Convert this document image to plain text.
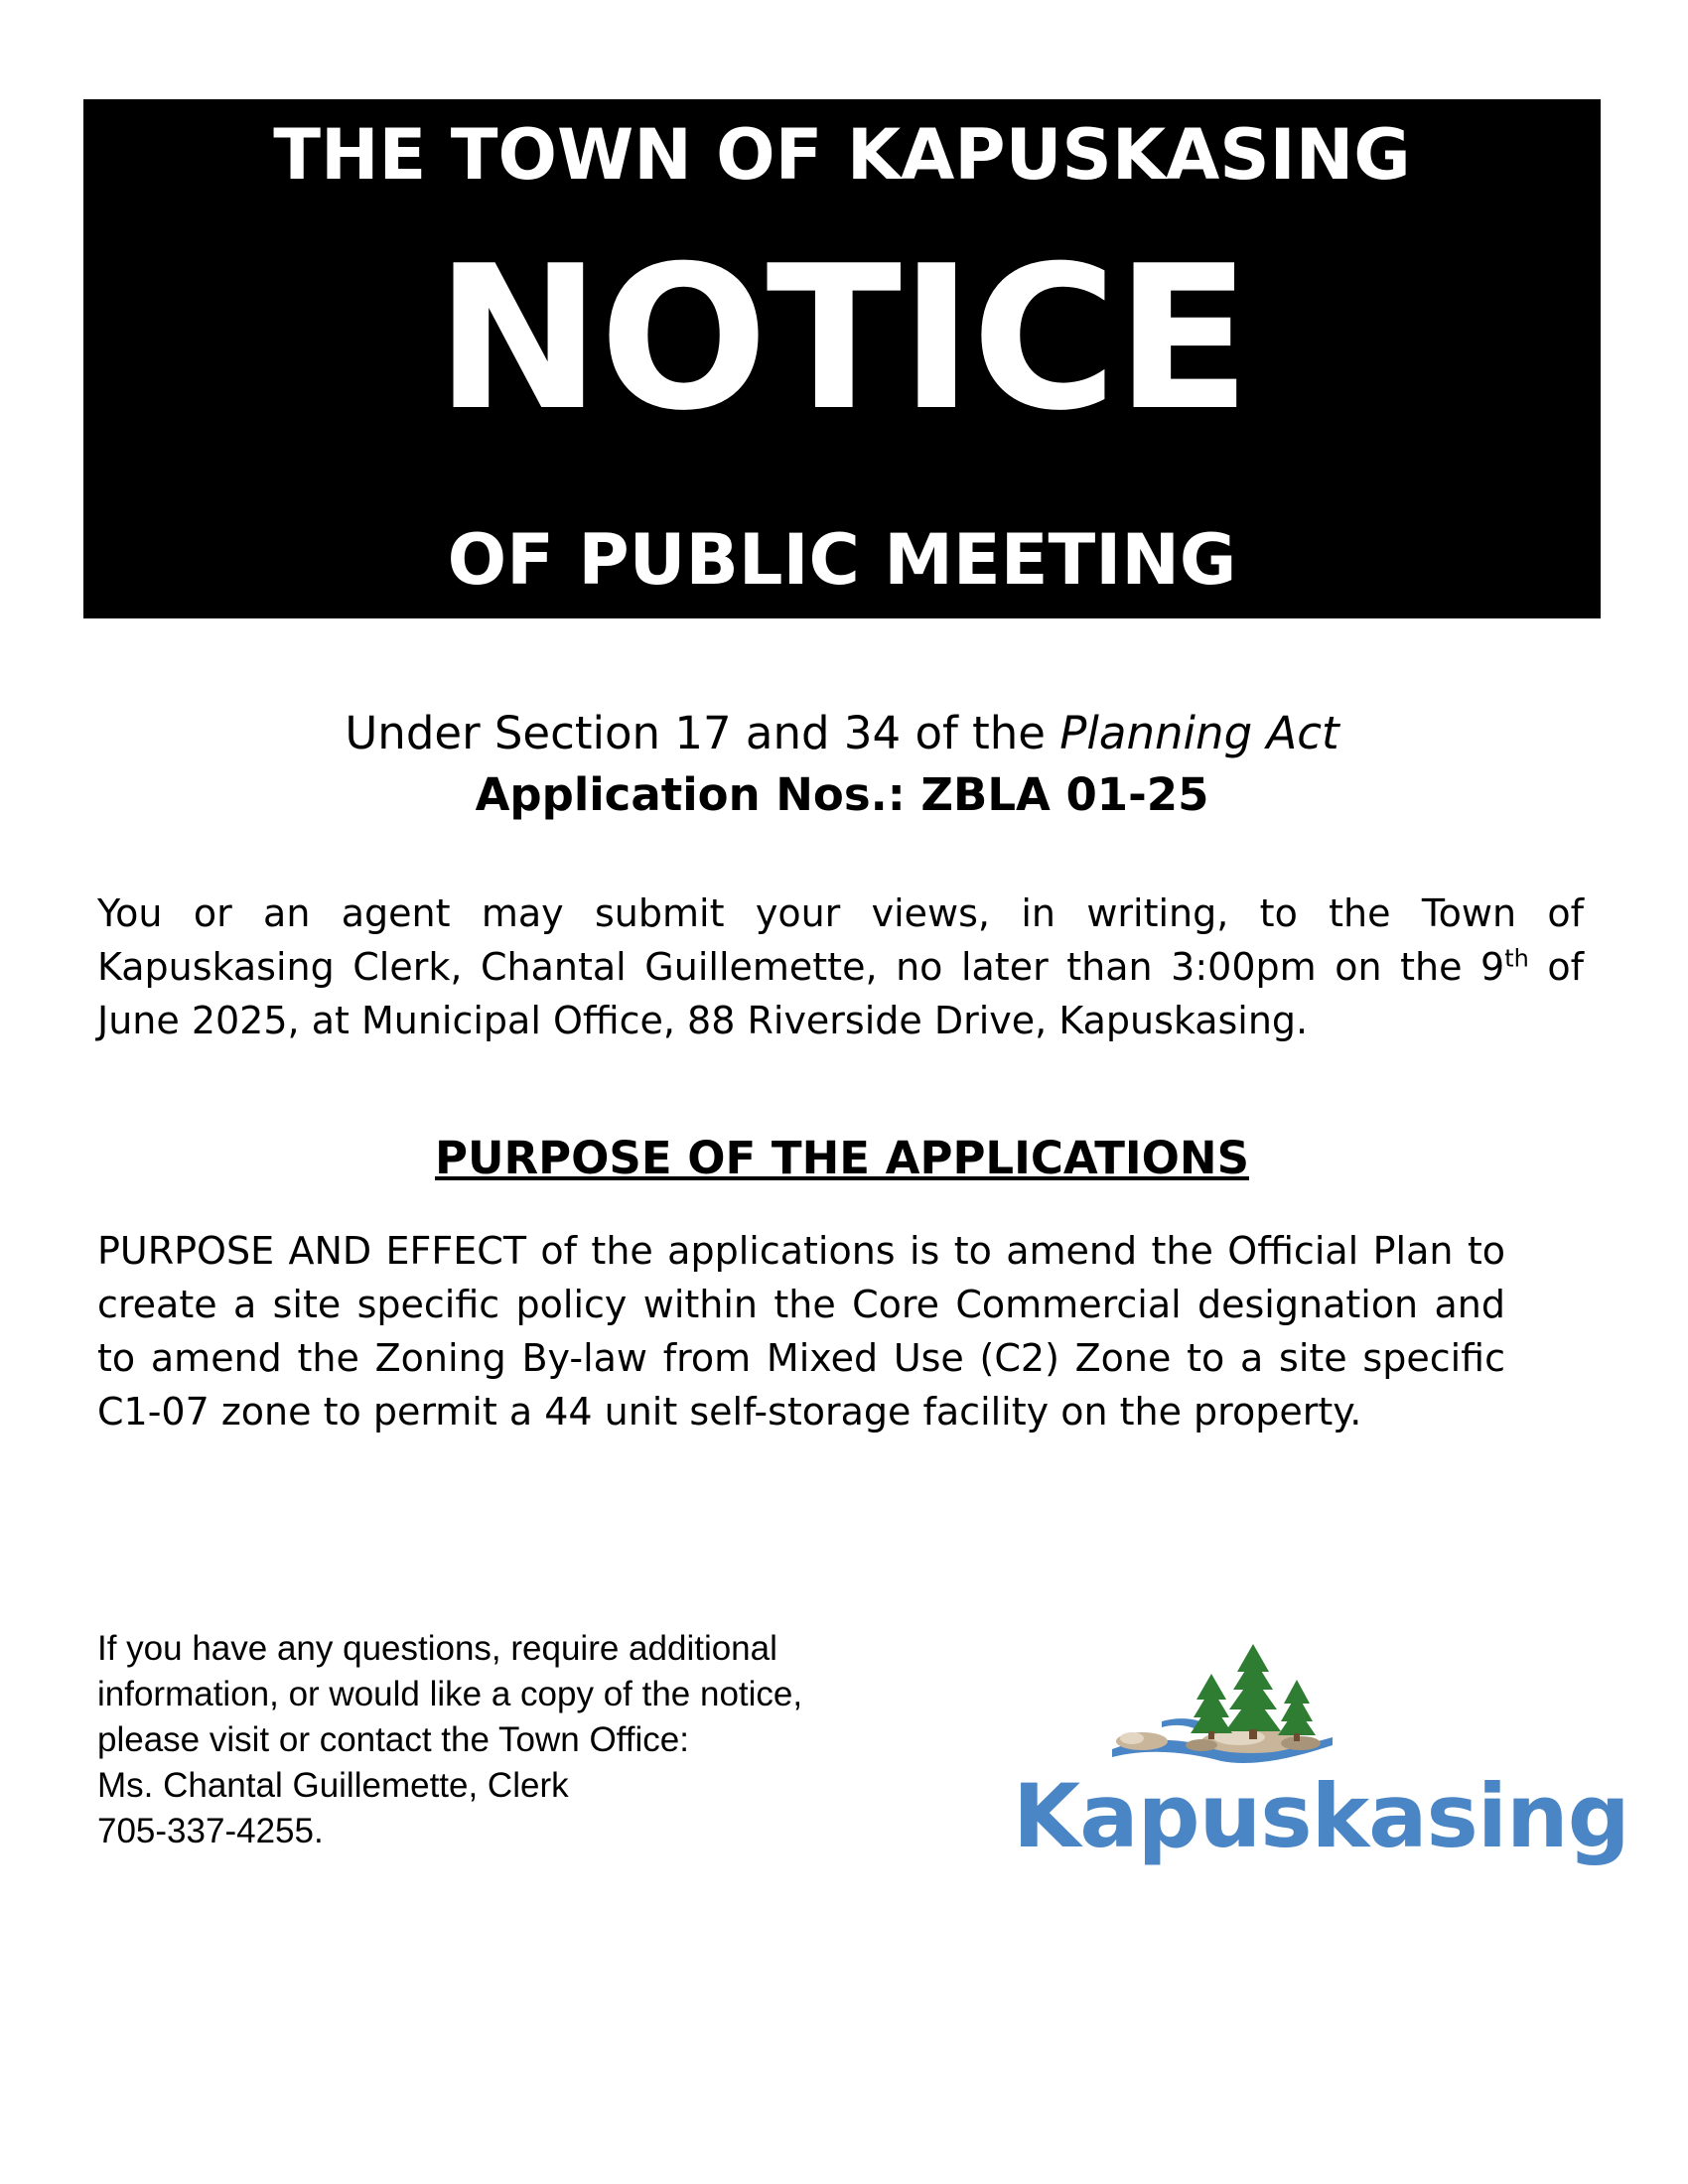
THE TOWN OF KAPUSKASING
NOTICE
OF PUBLIC MEETING
Under Section 17 and 34 of the Planning Act
Application Nos.: ZBLA 01-25

You or an agent may submit your views, in writing, to the Town of Kapuskasing Clerk, Chantal Guillemette, no later than 3:00pm on the 9th of June 2025, at Municipal Office, 88 Riverside Drive, Kapuskasing.

PURPOSE OF THE APPLICATIONS

PURPOSE AND EFFECT of the applications is to amend the Official Plan to create a site specific policy within the Core Commercial designation and to amend the Zoning By-law from Mixed Use (C2) Zone to a site specific C1-07 zone to permit a 44 unit self-storage facility on the property.

If you have any questions, require additional
information, or would like a copy of the notice,
please visit or contact the Town Office:
Ms. Chantal Guillemette, Clerk
705-337-4255.	Kapuskasing
